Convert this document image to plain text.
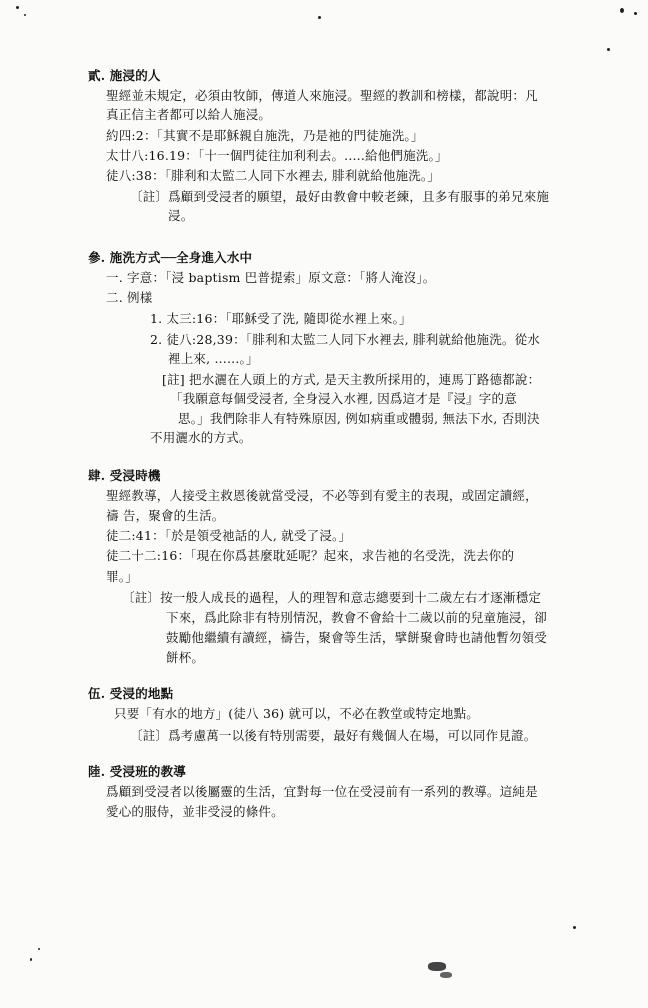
貳. 施浸的人
聖經並未規定，必須由牧師，傳道人來施浸。聖經的教訓和榜樣，都說明：凡
真正信主者都可以給人施浸。
約四:2：「其實不是耶穌親自施洗，乃是祂的門徒施洗。」
太廿八:16.19：「十一個門徒往加利利去。.....給他們施洗。」
徒八:38：「腓利和太監二人同下水裡去, 腓利就給他施洗。」
〔註〕爲顧到受浸者的願望，最好由教會中較老練，且多有服事的弟兄來施
浸。
參. 施洗方式──全身進入水中
一. 字意：「浸 baptism 巴普提索」原文意：「將人淹沒」。
二. 例樣
1. 太三:16：「耶穌受了洗, 隨即從水裡上來。」
2. 徒八:28,39：「腓利和太監二人同下水裡去, 腓利就給他施洗。從水
裡上來, ......。」
[註] 把水灑在人頭上的方式, 是天主教所採用的，連馬丁路德都說：
「我願意每個受浸者, 全身浸入水裡, 因爲這才是『浸』字的意
思。」我們除非人有特殊原因, 例如病重或體弱, 無法下水, 否則決
不用灑水的方式。
肆. 受浸時機
聖經教導，人接受主救恩後就當受浸，不必等到有愛主的表現，或固定讀經，
禱 告，聚會的生活。
徒二:41：「於是領受祂話的人, 就受了浸。」
徒二十二:16：「現在你爲甚麼耽延呢？起來，求告祂的名受洗，洗去你的
罪。」
〔註〕按一般人成長的過程，人的理智和意志總要到十二歲左右才逐漸穩定
下來，爲此除非有特別情況，教會不會給十二歲以前的兒童施浸，卻
鼓勵他繼續有讀經，禱告，聚會等生活，擘餅聚會時也請他暫勿領受
餅杯。
伍. 受浸的地點
只要「有水的地方」(徒八 36) 就可以，不必在教堂或特定地點。
〔註〕爲考慮萬一以後有特別需要，最好有幾個人在場，可以同作見證。
陸. 受浸班的教導
爲顧到受浸者以後屬靈的生活，宜對每一位在受浸前有一系列的教導。這純是
愛心的服侍，並非受浸的條件。
